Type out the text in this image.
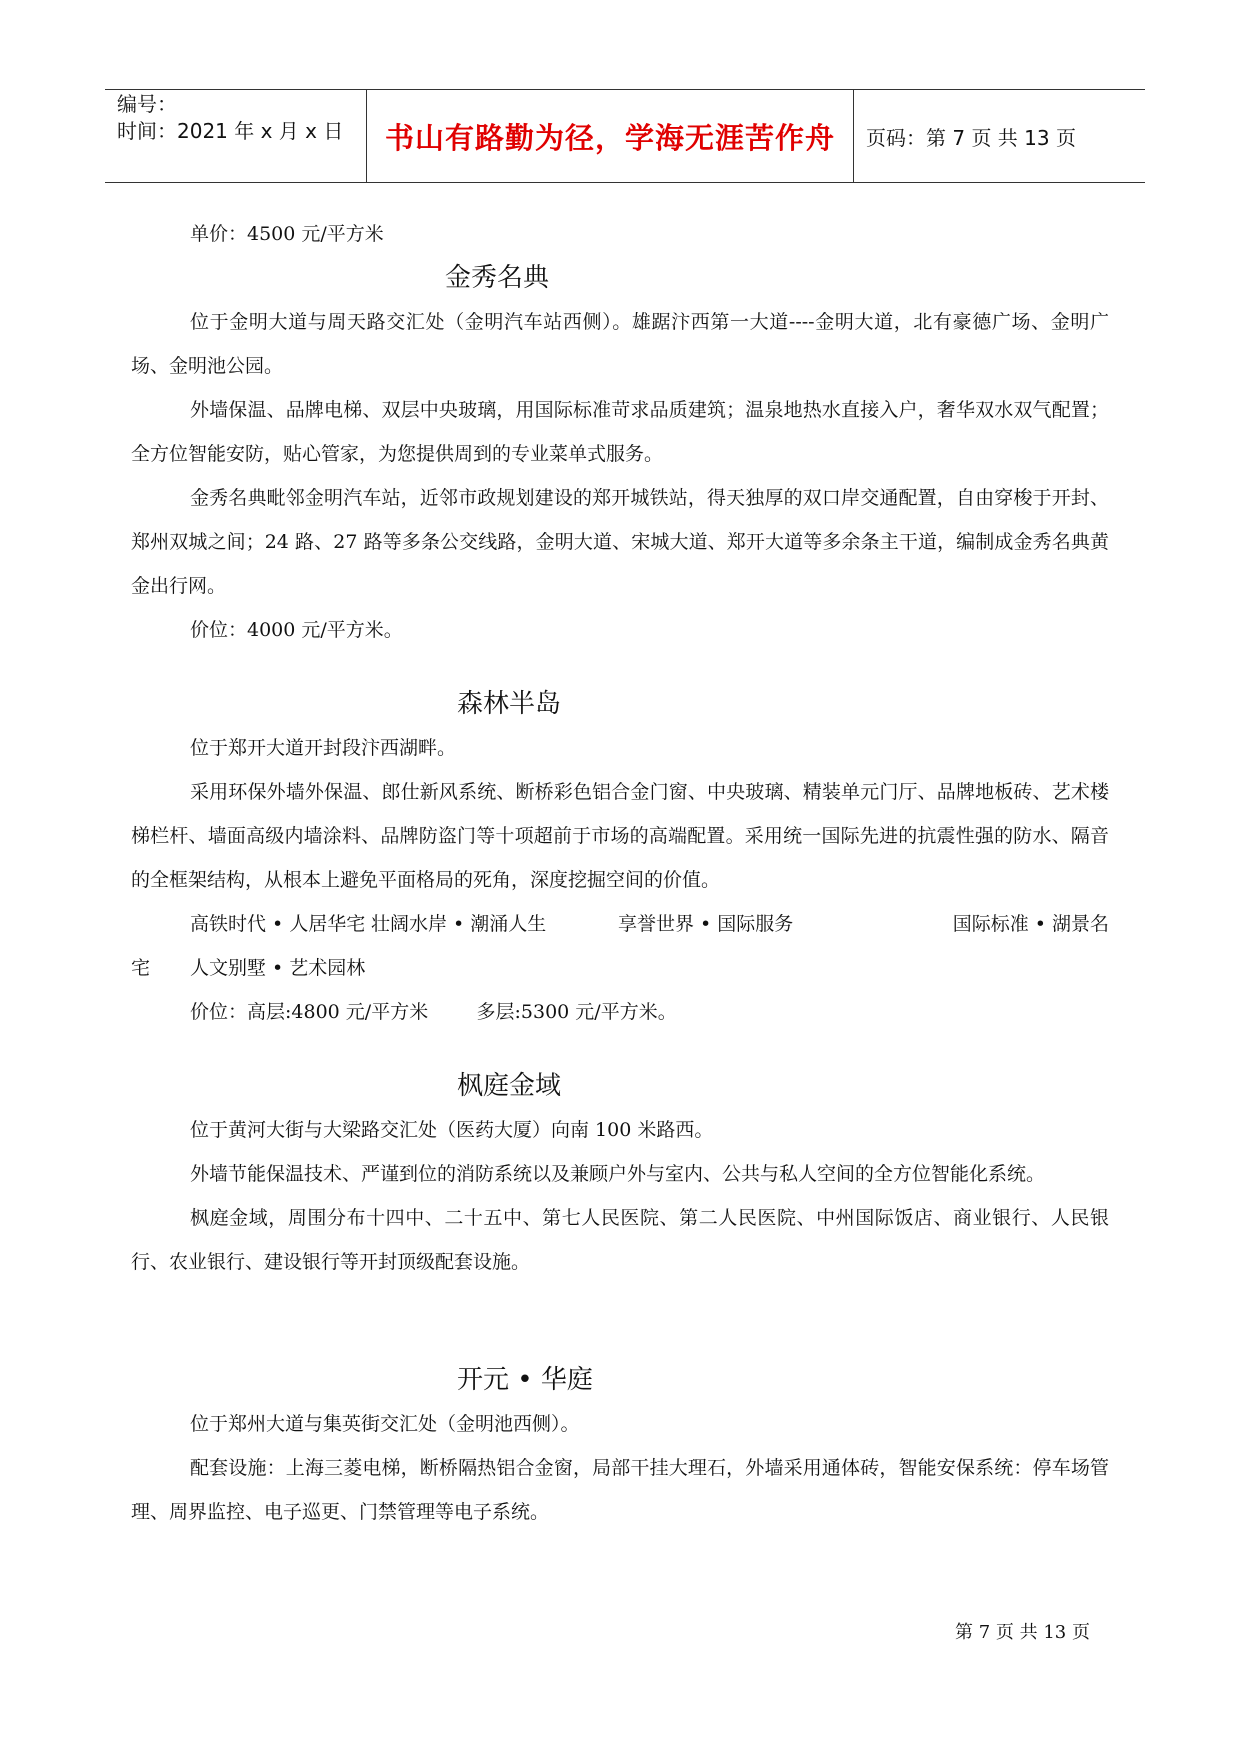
编号：
时间：2021 年 x 月 x 日	书山有路勤为径，学海无涯苦作舟	页码：第 7 页 共 13 页

单价：4500 元/平方米

金秀名典

位于金明大道与周天路交汇处（金明汽车站西侧）。雄踞汴西第一大道----金明大道，北有豪德广场、金明广场、金明池公园。

外墙保温、品牌电梯、双层中央玻璃，用国际标准苛求品质建筑；温泉地热水直接入户，奢华双水双气配置；全方位智能安防，贴心管家，为您提供周到的专业菜单式服务。

金秀名典毗邻金明汽车站，近邻市政规划建设的郑开城铁站，得天独厚的双口岸交通配置，自由穿梭于开封、郑州双城之间；24 路、27 路等多条公交线路，金明大道、宋城大道、郑开大道等多余条主干道，编制成金秀名典黄金出行网。

价位：4000 元/平方米。

森林半岛

位于郑开大道开封段汴西湖畔。

采用环保外墙外保温、郎仕新风系统、断桥彩色铝合金门窗、中央玻璃、精装单元门厅、品牌地板砖、艺术楼梯栏杆、墙面高级内墙涂料、品牌防盗门等十项超前于市场的高端配置。采用统一国际先进的抗震性强的防水、隔音的全框架结构，从根本上避免平面格局的死角，深度挖掘空间的价值。

高铁时代 • 人居华宅 壮阔水岸 • 潮涌人生	享誉世界 • 国际服务	国际标准 • 湖景名
宅 人文别墅 • 艺术园林

价位：高层:4800 元/平方米        多层:5300 元/平方米。

枫庭金域

位于黄河大街与大梁路交汇处（医药大厦）向南 100 米路西。

外墙节能保温技术、严谨到位的消防系统以及兼顾户外与室内、公共与私人空间的全方位智能化系统。

枫庭金域，周围分布十四中、二十五中、第七人民医院、第二人民医院、中州国际饭店、商业银行、人民银行、农业银行、建设银行等开封顶级配套设施。

开元 • 华庭

位于郑州大道与集英街交汇处（金明池西侧）。

配套设施：上海三菱电梯，断桥隔热铝合金窗，局部干挂大理石，外墙采用通体砖，智能安保系统：停车场管理、周界监控、电子巡更、门禁管理等电子系统。

第 7 页 共 13 页
